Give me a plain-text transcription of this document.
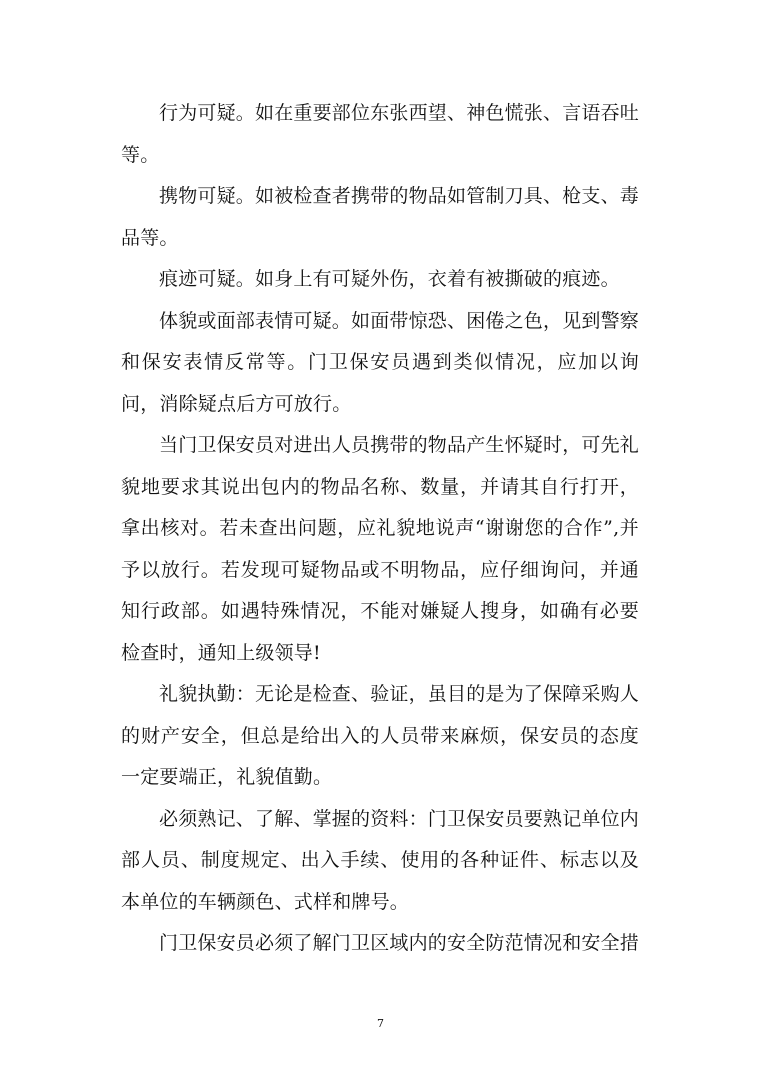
行为可疑。如在重要部位东张西望、神色慌张、言语吞吐等。

携物可疑。如被检查者携带的物品如管制刀具、枪支、毒品等。

痕迹可疑。如身上有可疑外伤，衣着有被撕破的痕迹。

体貌或面部表情可疑。如面带惊恐、困倦之色，见到警察和保安表情反常等。门卫保安员遇到类似情况，应加以询问，消除疑点后方可放行。

当门卫保安员对进出人员携带的物品产生怀疑时，可先礼貌地要求其说出包内的物品名称、数量，并请其自行打开，拿出核对。若未查出问题，应礼貌地说声“谢谢您的合作”,并予以放行。若发现可疑物品或不明物品，应仔细询问，并通知行政部。如遇特殊情况，不能对嫌疑人搜身，如确有必要检查时，通知上级领导!

礼貌执勤：无论是检查、验证，虽目的是为了保障采购人的财产安全，但总是给出入的人员带来麻烦，保安员的态度一定要端正，礼貌值勤。

必须熟记、了解、掌握的资料：门卫保安员要熟记单位内部人员、制度规定、出入手续、使用的各种证件、标志以及本单位的车辆颜色、式样和牌号。

门卫保安员必须了解门卫区域内的安全防范情况和安全措

7
